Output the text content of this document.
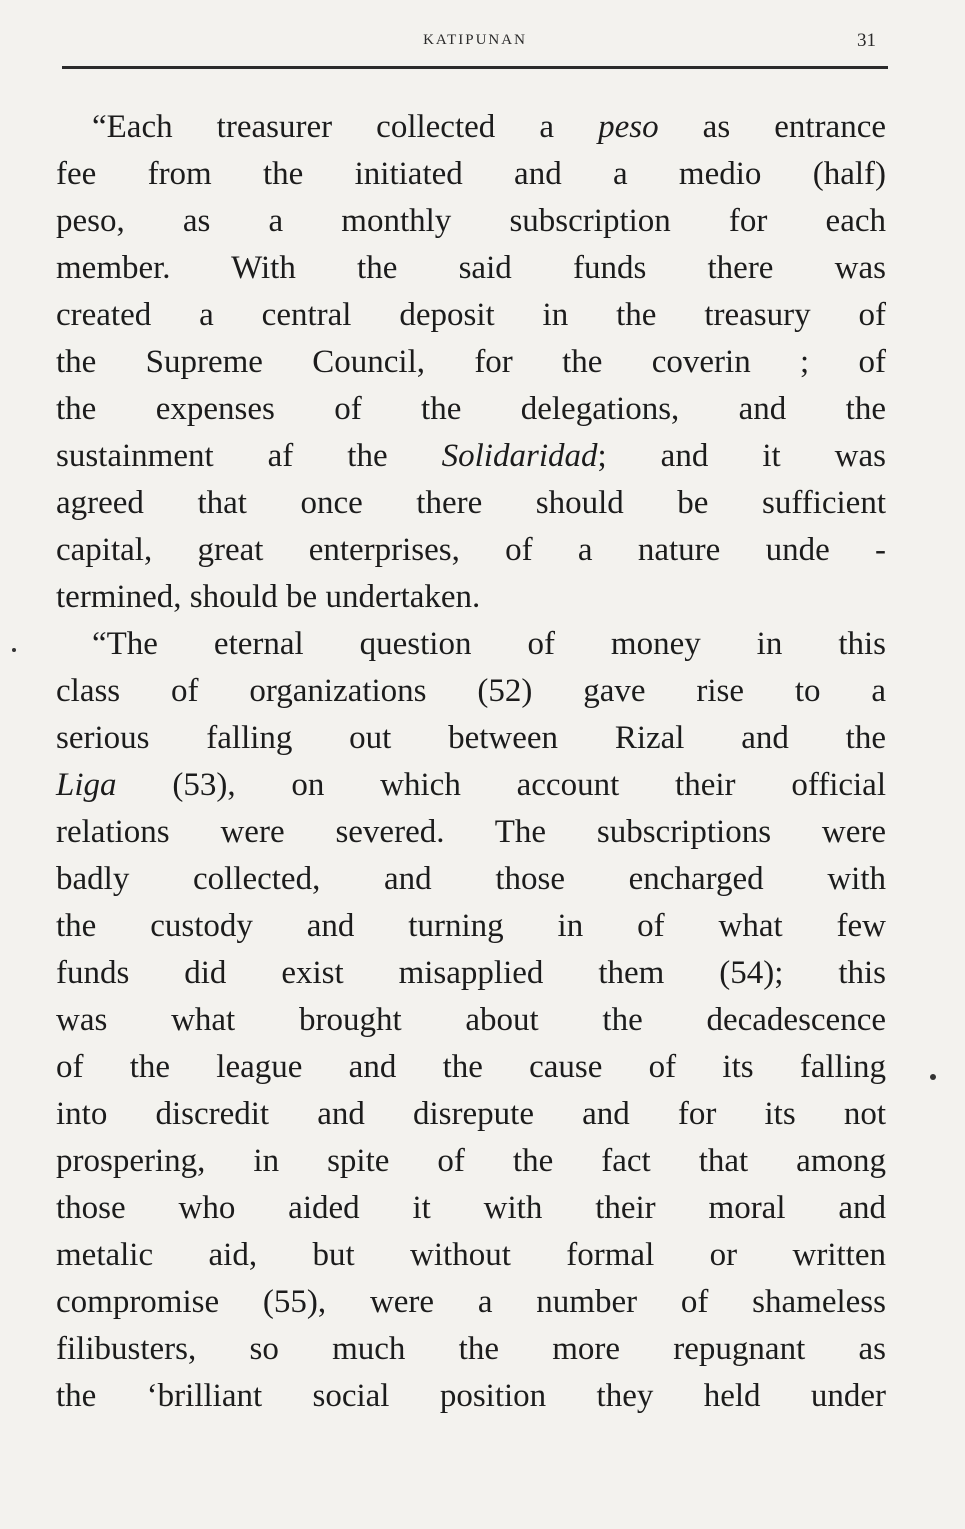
KATIPUNAN	31
“Each treasurer collected a peso as entrance
fee from the initiated and a medio (half)
peso, as a monthly subscription for each
member. With the said funds there was
created a central deposit in the treasury of
the Supreme Council, for the coverin ; of
the expenses of the delegations, and the
sustainment af the Solidaridad; and it was
agreed that once there should be sufficient
capital, great enterprises, of a nature unde -
termined, should be undertaken.
“The eternal question of money in this
class of organizations (52) gave rise to a
serious falling out between Rizal and the
Liga (53), on which account their official
relations were severed. The subscriptions were
badly collected, and those encharged with
the custody and turning in of what few
funds did exist misapplied them (54); this
was what brought about the decadescence
of the league and the cause of its falling
into discredit and disrepute and for its not
prospering, in spite of the fact that among
those who aided it with their moral and
metalic aid, but without formal or written
compromise (55), were a number of shameless
filibusters, so much the more repugnant as
the ʻbrilliant social position they held under
